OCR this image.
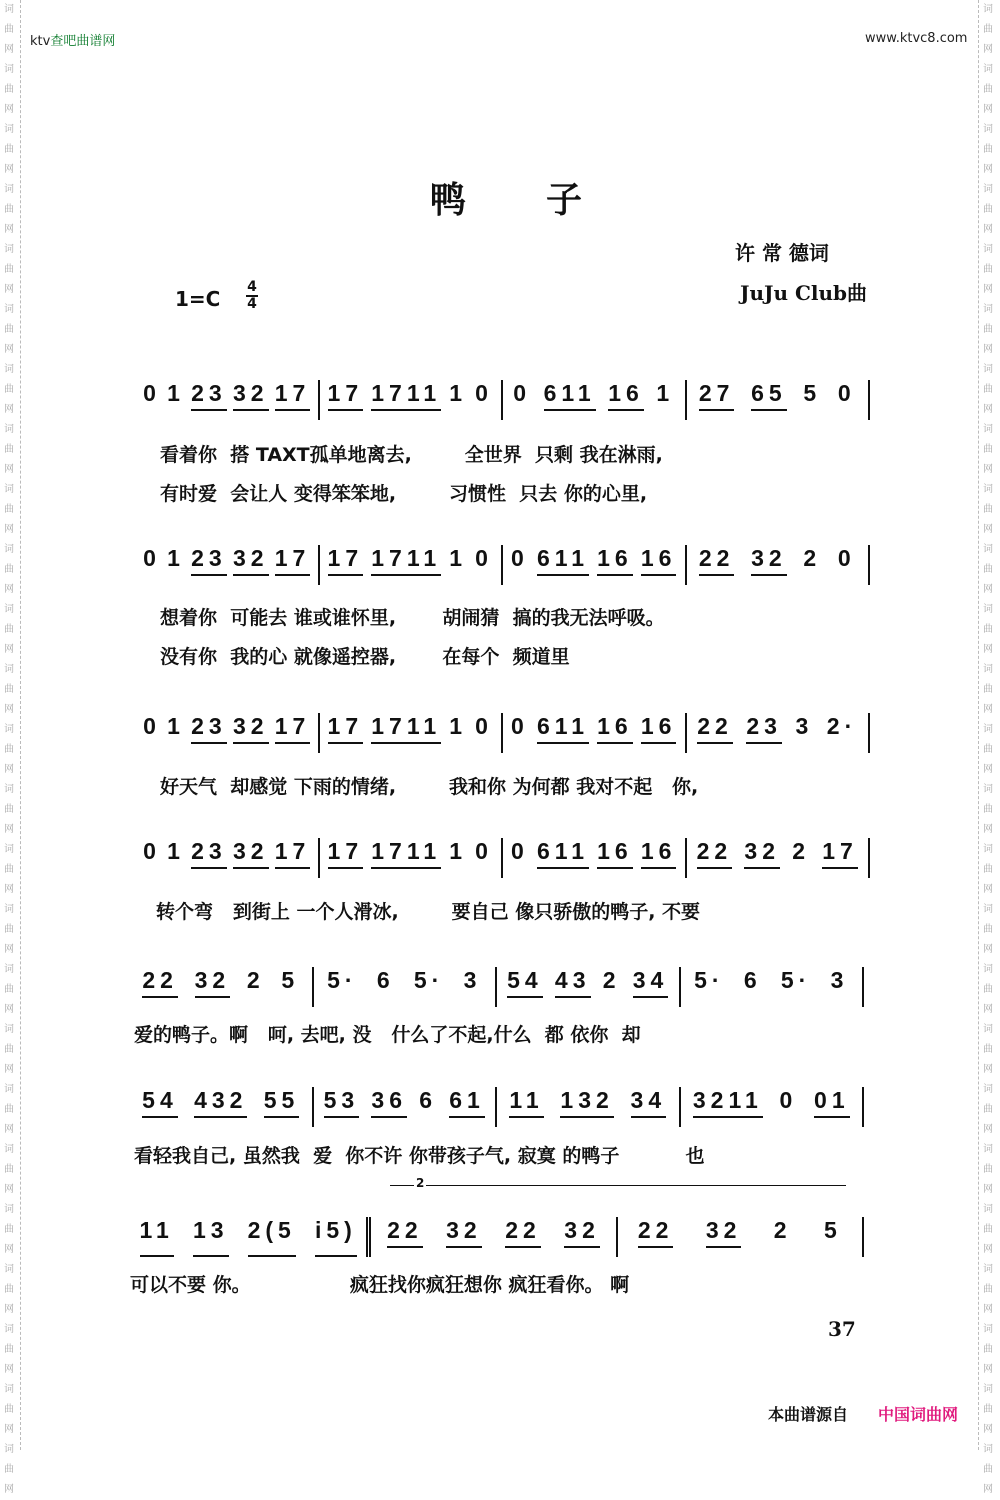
词
曲
网
词
曲
网
词
曲
网
词
曲
网
词
曲
网
词
曲
网
词
曲
网
词
曲
网
词
曲
网
词
曲
网
词
曲
网
词
曲
网
词
曲
网
词
曲
网
词
曲
网
词
曲
网
词
曲
网
词
曲
网
词
曲
网
词
曲
网
词
曲
网
词
曲
网
词
曲
网
词
曲
网
词
曲
网
词
曲
网
词
曲
网
词
曲
网
词
曲
网
词
曲
网
词
曲
网
词
曲
网
词
曲
网
词
曲
网
词
曲
网
词
曲
网
词
曲
网
词
曲
网
词
曲
网
词
曲
网
词
曲
网
词
曲
网
词
曲
网
词
曲
网
词
曲
网
词
曲
网
词
曲
网
词
曲
网
词
曲
网
词
曲
网
ktv查吧曲谱网	www.ktvc8.com
鸭子
许 常 德词
JuJu Club曲
1=C 4
4
0 1 23 32 17 17 1711 1 0 0 611 16 1 27 65 5 0
看着你  搭 TAXT孤单地离去,        全世界  只剩 我在淋雨,
有时爱  会让人 变得笨笨地,        习惯性  只去 你的心里,
0 1 23 32 17 17 1711 1 0 0 611 16 16 22 32 2 0
想着你  可能去 谁或谁怀里,       胡闹猜  搞的我无法呼吸。
没有你  我的心 就像遥控器,       在每个  频道里
0 1 23 32 17 17 1711 1 0 0 611 16 16 22 23 3 2·
好天气  却感觉 下雨的情绪,        我和你 为何都 我对不起   你,
0 1 23 32 17 17 1711 1 0 0 611 16 16 22 32 2 17
转个弯   到街上 一个人滑冰,        要自己 像只骄傲的鸭子, 不要
22 32 2 5 5· 6 5· 3 54 43 2 34 5· 6 5· 3
爱的鸭子。啊   呵, 去吧, 没   什么了不起,什么  都 依你  却
54 432 55 53 36 6 61 11 132 34 3211 0 01
看轻我自己, 虽然我  爱  你不许 你带孩子气, 寂寞 的鸭子          也
11 13 2(5 i5) 22 32 22 32 22 32 2 5
可以不要 你。               疯狂找你疯狂想你 疯狂看你。 啊
2
37
本曲谱源自 中国词曲网
